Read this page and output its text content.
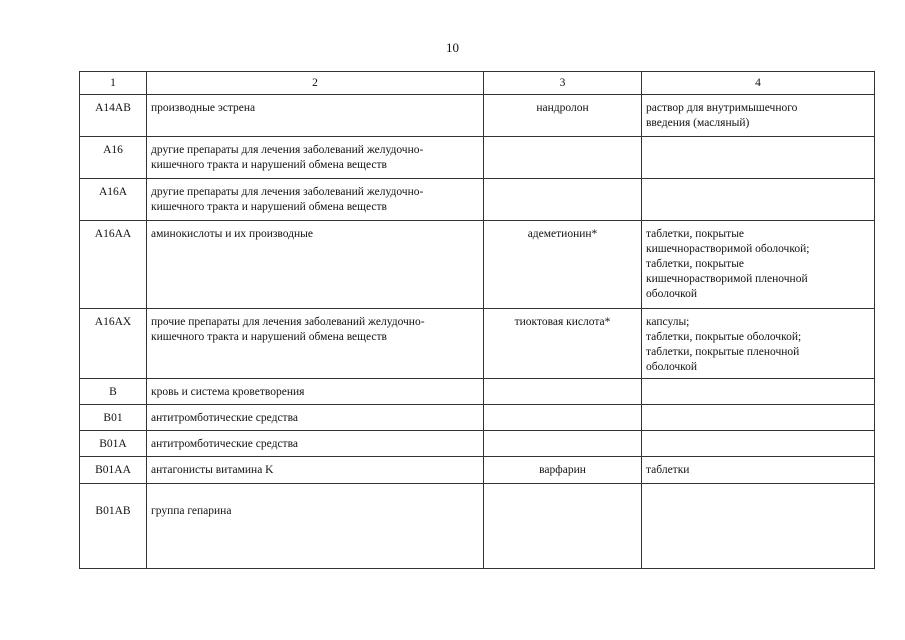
10
1	2	3	4
A14AB	производные эстрена	нандролон	раствор для внутримышечного
введения (масляный)
A16	другие препараты для лечения заболеваний желудочно-
кишечного тракта и нарушений обмена веществ		
A16A	другие препараты для лечения заболеваний желудочно-
кишечного тракта и нарушений обмена веществ		
A16AA	аминокислоты и их производные	адеметионин*	таблетки, покрытые
кишечнорастворимой оболочкой;
таблетки, покрытые
кишечнорастворимой пленочной
оболочкой
A16AX	прочие препараты для лечения заболеваний желудочно-
кишечного тракта и нарушений обмена веществ	тиоктовая кислота*	капсулы;
таблетки, покрытые оболочкой;
таблетки, покрытые пленочной
оболочкой
B	кровь и система кроветворения		
B01	антитромботические средства		
B01A	антитромботические средства		
B01AA	антагонисты витамина K	варфарин	таблетки
B01AB	группа гепарина		
